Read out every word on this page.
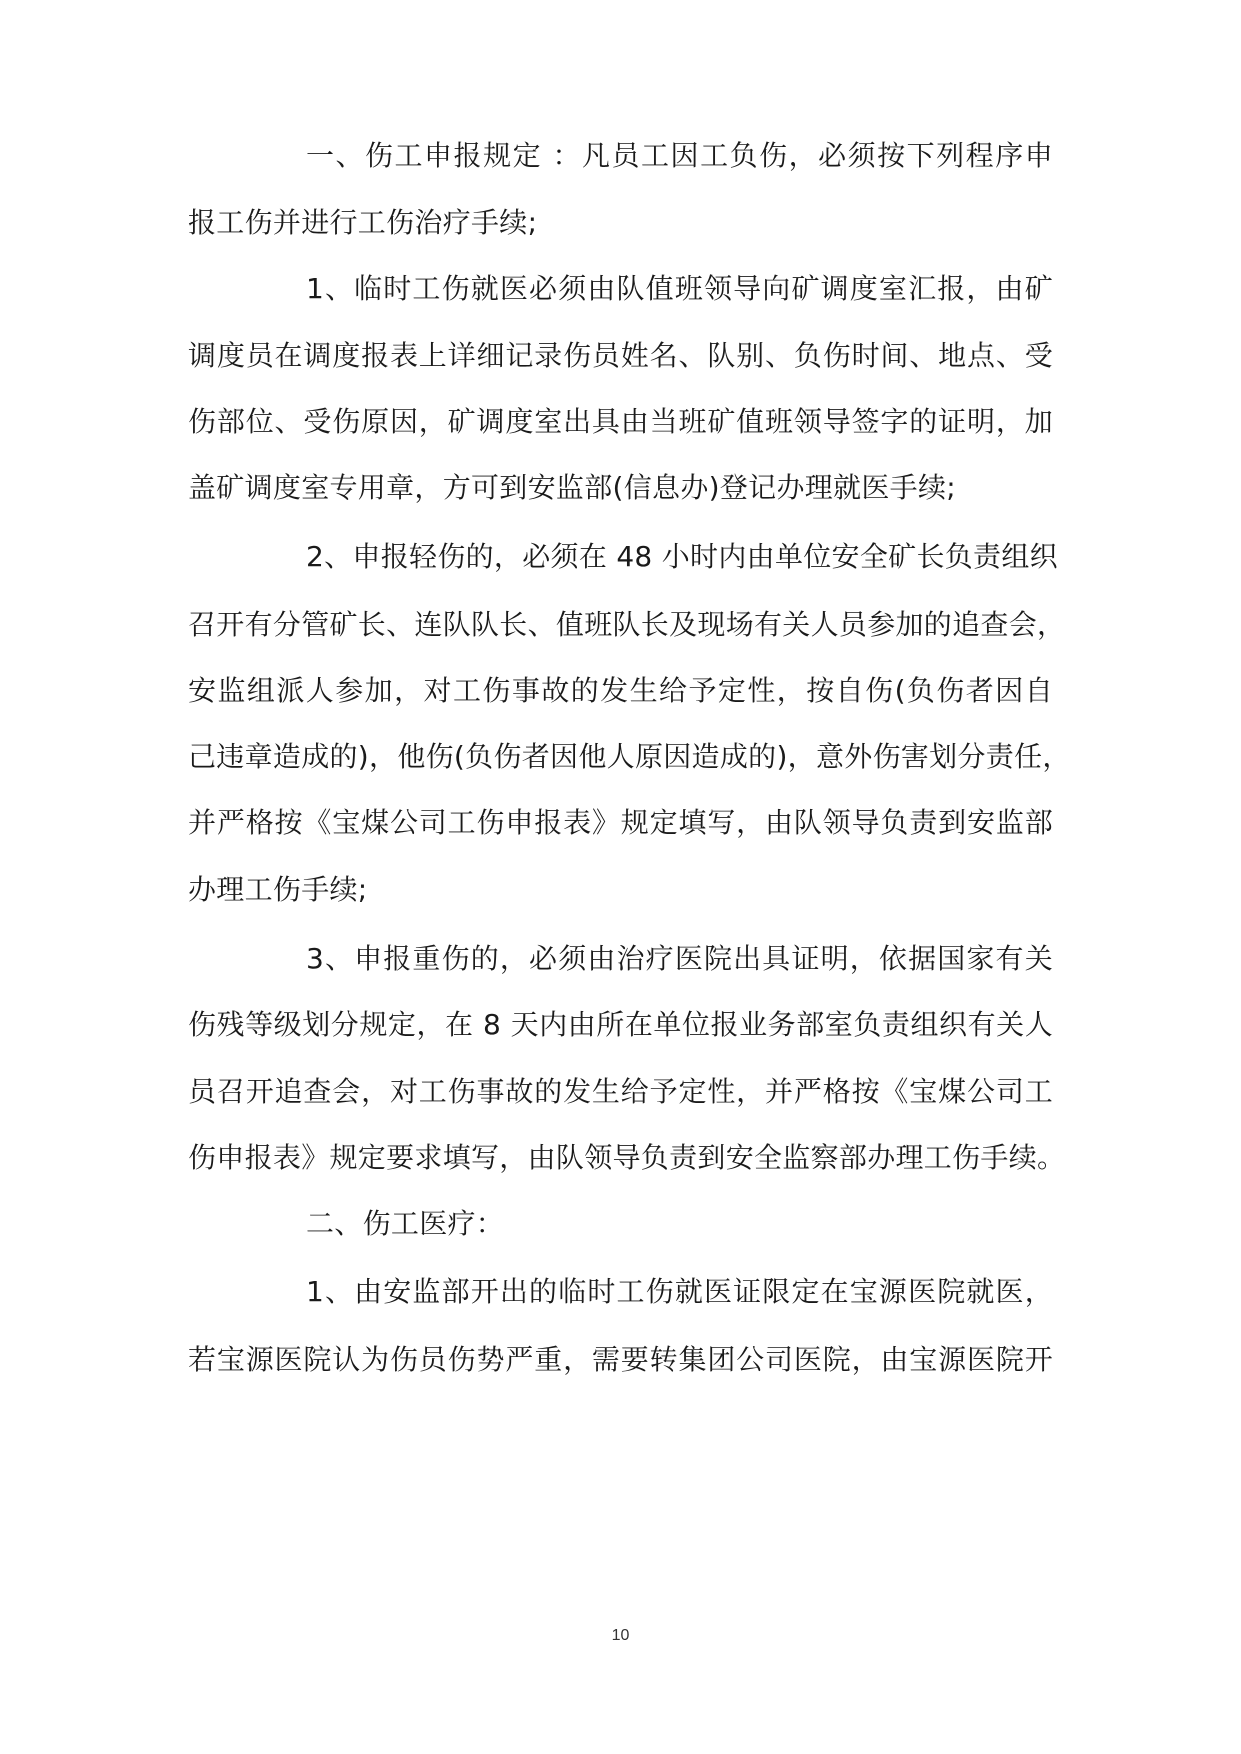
一、伤工申报规定 ：凡员工因工负伤，必须按下列程序申
报工伤并进行工伤治疗手续;
1、临时工伤就医必须由队值班领导向矿调度室汇报，由矿
调度员在调度报表上详细记录伤员姓名、队别、负伤时间、地点、受
伤部位、受伤原因，矿调度室出具由当班矿值班领导签字的证明，加
盖矿调度室专用章，方可到安监部(信息办)登记办理就医手续;
2、申报轻伤的，必须在 48 小时内由单位安全矿长负责组织
召开有分管矿长、连队队长、值班队长及现场有关人员参加的追查会，
安监组派人参加，对工伤事故的发生给予定性，按自伤(负伤者因自
己违章造成的)，他伤(负伤者因他人原因造成的)，意外伤害划分责任，
并严格按《宝煤公司工伤申报表》规定填写，由队领导负责到安监部
办理工伤手续;
3、申报重伤的，必须由治疗医院出具证明，依据国家有关
伤残等级划分规定，在 8 天内由所在单位报业务部室负责组织有关人
员召开追查会，对工伤事故的发生给予定性，并严格按《宝煤公司工
伤申报表》规定要求填写，由队领导负责到安全监察部办理工伤手续。
二、伤工医疗：
1、由安监部开出的临时工伤就医证限定在宝源医院就医，
若宝源医院认为伤员伤势严重，需要转集团公司医院，由宝源医院开
10
